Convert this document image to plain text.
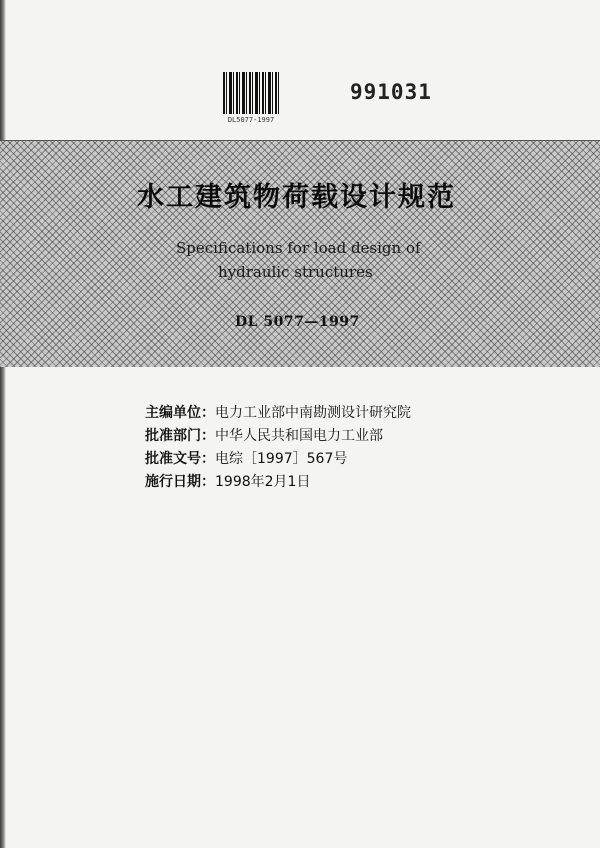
DL5077-1997
991031
水工建筑物荷载设计规范
Specifications for load design of
hydraulic structures
DL 5077—1997
主编单位：电力工业部中南勘测设计研究院
批准部门：中华人民共和国电力工业部
批准文号：电综［1997］567号
施行日期：1998年2月1日
